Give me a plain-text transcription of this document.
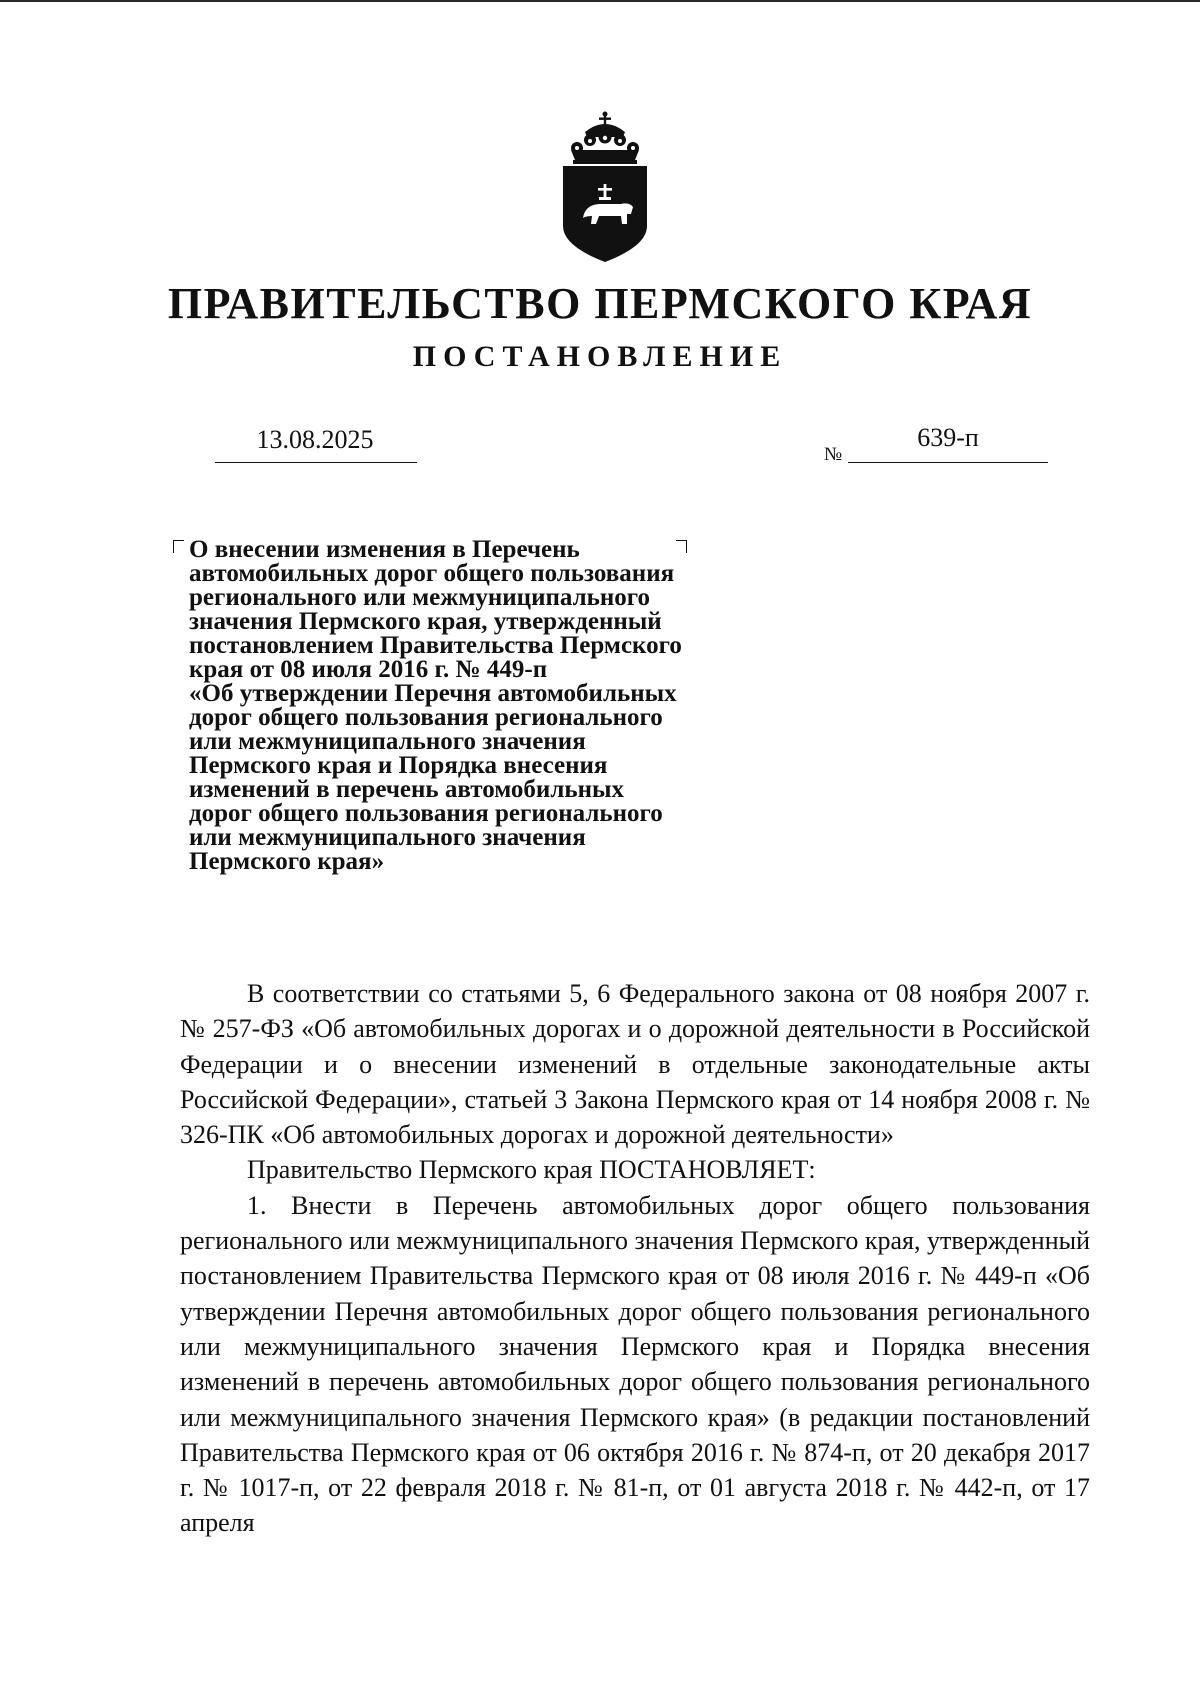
ПРАВИТЕЛЬСТВО ПЕРМСКОГО КРАЯ
ПОСТАНОВЛЕНИЕ
13.08.2025
№
639-п
О внесении изменения в Перечень
автомобильных дорог общего пользования
регионального или межмуниципального
значения Пермского края, утвержденный
постановлением Правительства Пермского
края от 08 июля 2016 г. № 449-п
«Об утверждении Перечня автомобильных
дорог общего пользования регионального
или межмуниципального значения
Пермского края и Порядка внесения
изменений в перечень автомобильных
дорог общего пользования регионального
или межмуниципального значения
Пермского края»

В соответствии со статьями 5, 6 Федерального закона от 08 ноября 2007 г. № 257-ФЗ «Об автомобильных дорогах и о дорожной деятельности в Российской Федерации и о внесении изменений в отдельные законодательные акты Российской Федерации», статьей 3 Закона Пермского края от 14 ноября 2008 г. № 326-ПК «Об автомобильных дорогах и дорожной деятельности»

Правительство Пермского края ПОСТАНОВЛЯЕТ:

1. Внести в Перечень автомобильных дорог общего пользования регионального или межмуниципального значения Пермского края, утвержденный постановлением Правительства Пермского края от 08 июля 2016 г. № 449-п «Об утверждении Перечня автомобильных дорог общего пользования регионального или межмуниципального значения Пермского края и Порядка внесения изменений в перечень автомобильных дорог общего пользования регионального или межмуниципального значения Пермского края» (в редакции постановлений Правительства Пермского края от 06 октября 2016 г. № 874-п, от 20 декабря 2017 г. № 1017-п, от 22 февраля 2018 г. № 81-п, от 01 августа 2018 г. № 442-п, от 17 апреля
